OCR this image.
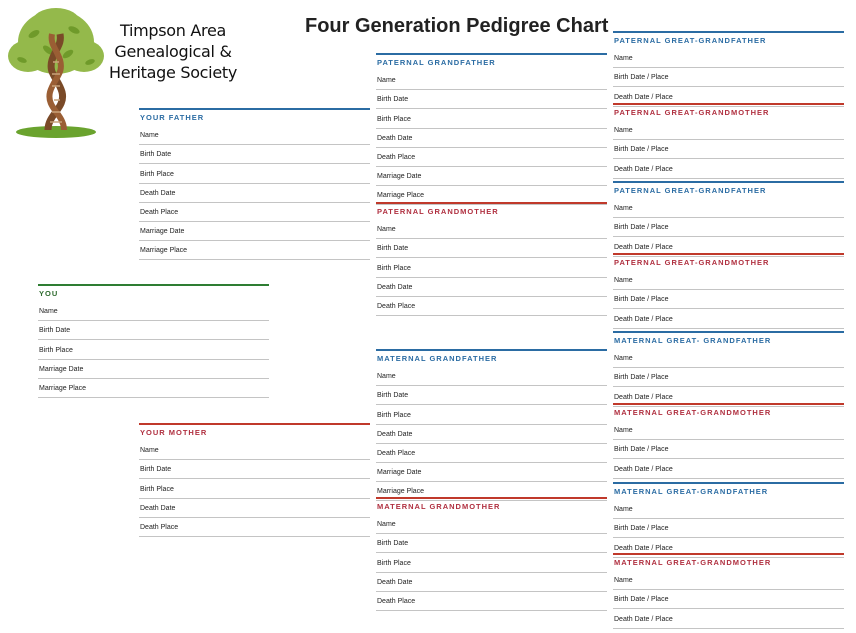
Timpson Area
Genealogical &
Heritage Society
Four Generation Pedigree Chart
YOU
Name
Birth Date
Birth Place
Marriage Date
Marriage Place
YOUR FATHER
Name
Birth Date
Birth Place
Death Date
Death Place
Marriage Date
Marriage Place
YOUR MOTHER
Name
Birth Date
Birth Place
Death Date
Death Place
PATERNAL GRANDFATHER
Name
Birth Date
Birth Place
Death Date
Death Place
Marriage Date
Marriage Place
PATERNAL GRANDMOTHER
Name
Birth Date
Birth Place
Death Date
Death Place
MATERNAL GRANDFATHER
Name
Birth Date
Birth Place
Death Date
Death Place
Marriage Date
Marriage Place
MATERNAL GRANDMOTHER
Name
Birth Date
Birth Place
Death Date
Death Place
PATERNAL GREAT-GRANDFATHER
Name
Birth Date / Place
Death Date / Place
PATERNAL GREAT-GRANDMOTHER
Name
Birth Date / Place
Death Date / Place
PATERNAL GREAT-GRANDFATHER
Name
Birth Date / Place
Death Date / Place
PATERNAL GREAT-GRANDMOTHER
Name
Birth Date / Place
Death Date / Place
MATERNAL GREAT- GRANDFATHER
Name
Birth Date / Place
Death Date / Place
MATERNAL GREAT-GRANDMOTHER
Name
Birth Date / Place
Death Date / Place
MATERNAL GREAT-GRANDFATHER
Name
Birth Date / Place
Death Date / Place
MATERNAL GREAT-GRANDMOTHER
Name
Birth Date / Place
Death Date / Place
